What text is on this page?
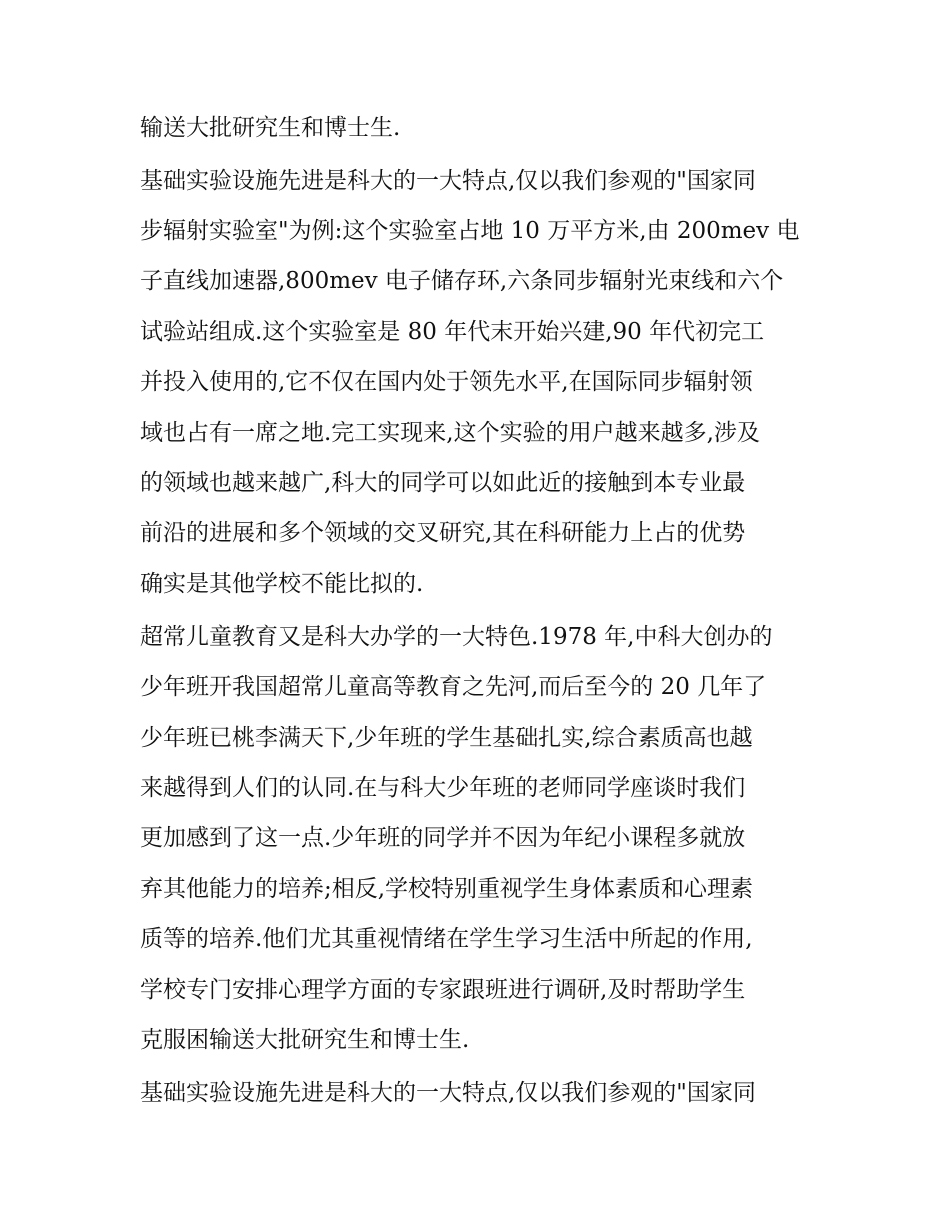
输送大批研究生和博士生.

基础实验设施先进是科大的一大特点,仅以我们参观的"国家同

步辐射实验室"为例:这个实验室占地 10 万平方米,由 200mev 电

子直线加速器,800mev 电子储存环,六条同步辐射光束线和六个

试验站组成.这个实验室是 80 年代末开始兴建,90 年代初完工

并投入使用的,它不仅在国内处于领先水平,在国际同步辐射领

域也占有一席之地.完工实现来,这个实验的用户越来越多,涉及

的领域也越来越广,科大的同学可以如此近的接触到本专业最

前沿的进展和多个领域的交叉研究,其在科研能力上占的优势

确实是其他学校不能比拟的.

超常儿童教育又是科大办学的一大特色.1978 年,中科大创办的

少年班开我国超常儿童高等教育之先河,而后至今的 20 几年了

少年班已桃李满天下,少年班的学生基础扎实,综合素质高也越

来越得到人们的认同.在与科大少年班的老师同学座谈时我们

更加感到了这一点.少年班的同学并不因为年纪小课程多就放

弃其他能力的培养;相反,学校特别重视学生身体素质和心理素

质等的培养.他们尤其重视情绪在学生学习生活中所起的作用,

学校专门安排心理学方面的专家跟班进行调研,及时帮助学生

克服困输送大批研究生和博士生.

基础实验设施先进是科大的一大特点,仅以我们参观的"国家同
